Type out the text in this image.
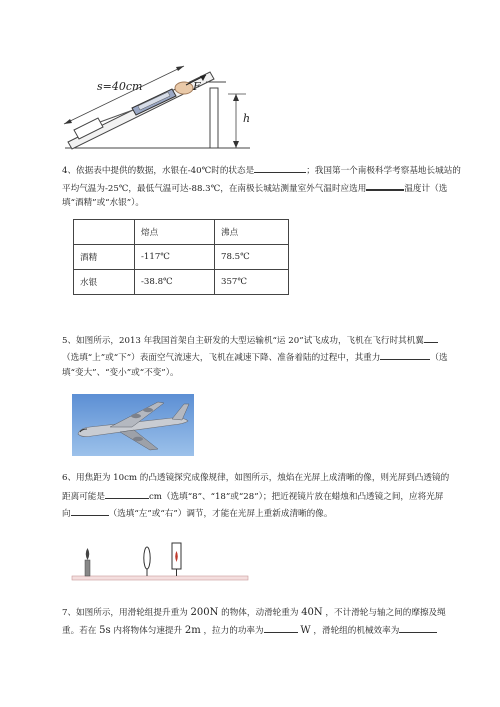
s=40cm	F
h
4、依据表中提供的数据，水银在-40℃时的状态是	；我国第一个南极科学考察基地长城站的
平均气温为-25℃，最低气温可达-88.3℃，在南极长城站测量室外气温时应选用	温度计（选
填“酒精”或“水银”）。
	熔点	沸点
酒精	-117℃	78.5℃
水银	-38.8℃	357℃
5、如图所示，2013 年我国首架自主研发的大型运输机“运 20”试飞成功，飞机在飞行时其机翼
（选填“上”或“下”）表面空气流速大，飞机在减速下降、准备着陆的过程中，其重力	（选
填“变大”、“变小”或“不变”）。
6、用焦距为 10cm 的凸透镜探究成像规律，如图所示，烛焰在光屏上成清晰的像，则光屏到凸透镜的
距离可能是	cm（选填“8”、“18”或“28”）；把近视镜片放在蜡烛和凸透镜之间，应将光屏
向	（选填“左”或“右”）调节，才能在光屏上重新成清晰的像。
7、如图所示，用滑轮组提升重为 200N 的物体，动滑轮重为 40N ，不计滑轮与轴之间的摩擦及绳
重。若在 5s 内将物体匀速提升 2m ，拉力的功率为	W ，滑轮组的机械效率为
